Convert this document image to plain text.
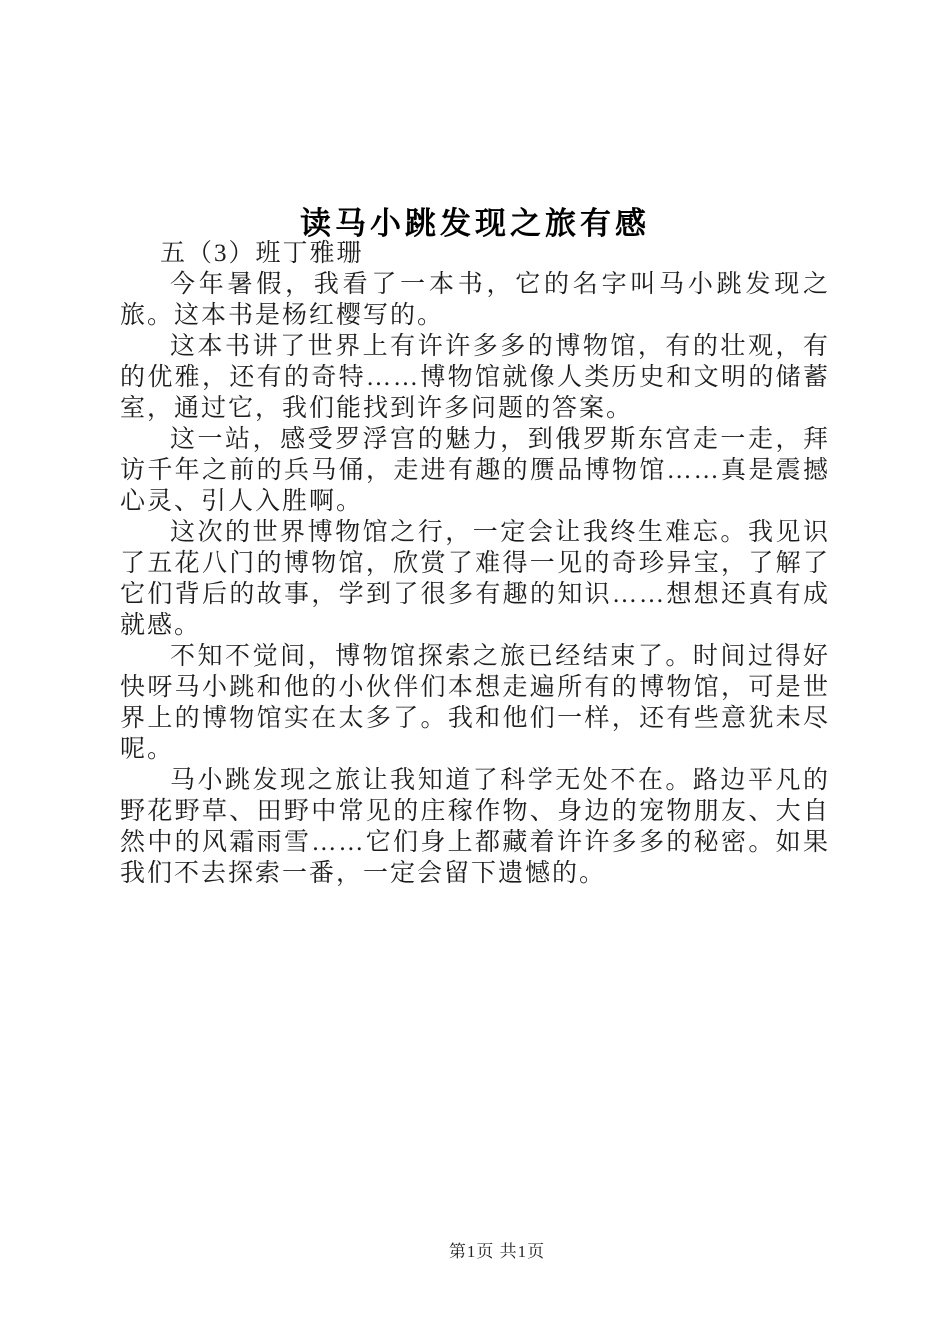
读马小跳发现之旅有感
五（3）班丁雅珊

今年暑假，我看了一本书，它的名字叫马小跳发现之旅。这本书是杨红樱写的。

这本书讲了世界上有许许多多的博物馆，有的壮观，有的优雅，还有的奇特……博物馆就像人类历史和文明的储蓄室，通过它，我们能找到许多问题的答案。

这一站，感受罗浮宫的魅力，到俄罗斯东宫走一走，拜访千年之前的兵马俑，走进有趣的赝品博物馆……真是震撼心灵、引人入胜啊。

这次的世界博物馆之行，一定会让我终生难忘。我见识了五花八门的博物馆，欣赏了难得一见的奇珍异宝，了解了它们背后的故事，学到了很多有趣的知识……想想还真有成就感。

不知不觉间，博物馆探索之旅已经结束了。时间过得好快呀马小跳和他的小伙伴们本想走遍所有的博物馆，可是世界上的博物馆实在太多了。我和他们一样，还有些意犹未尽呢。

马小跳发现之旅让我知道了科学无处不在。路边平凡的野花野草、田野中常见的庄稼作物、身边的宠物朋友、大自然中的风霜雨雪……它们身上都藏着许许多多的秘密。如果我们不去探索一番，一定会留下遗憾的。

第1页 共1页
